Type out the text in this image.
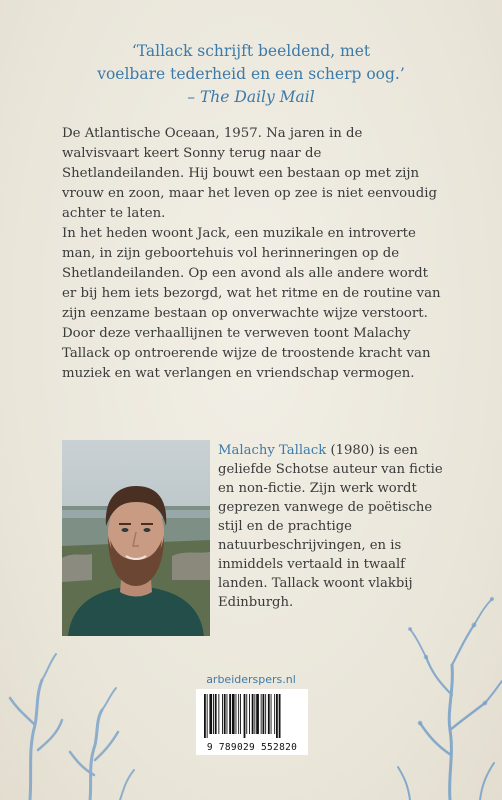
‘Tallack schrijft beeldend, met
voelbare tederheid en een scherp oog.’
– The Daily Mail

De Atlantische Oceaan, 1957. Na jaren in de walvisvaart keert Sonny terug naar de Shetlandeilanden. Hij bouwt een bestaan op met zijn vrouw en zoon, maar het leven op zee is niet eenvoudig achter te laten.

In het heden woont Jack, een muzikale en introverte man, in zijn geboortehuis vol herinneringen op de Shetlandeilanden. Op een avond als alle andere wordt er bij hem iets bezorgd, wat het ritme en de routine van zijn eenzame bestaan op onverwachte wijze verstoort.

Door deze verhaallijnen te verweven toont Malachy Tallack op ontroerende wijze de troostende kracht van muziek en wat verlangen en vriendschap vermogen.

Malachy Tallack (1980) is een geliefde Schotse auteur van fictie en non-fictie. Zijn werk wordt geprezen vanwege de poëtische stijl en de prachtige natuurbeschrijvingen, en is inmiddels vertaald in twaalf landen. Tallack woont vlakbij Edinburgh.
arbeiderspers.nl
9 789029 552820
